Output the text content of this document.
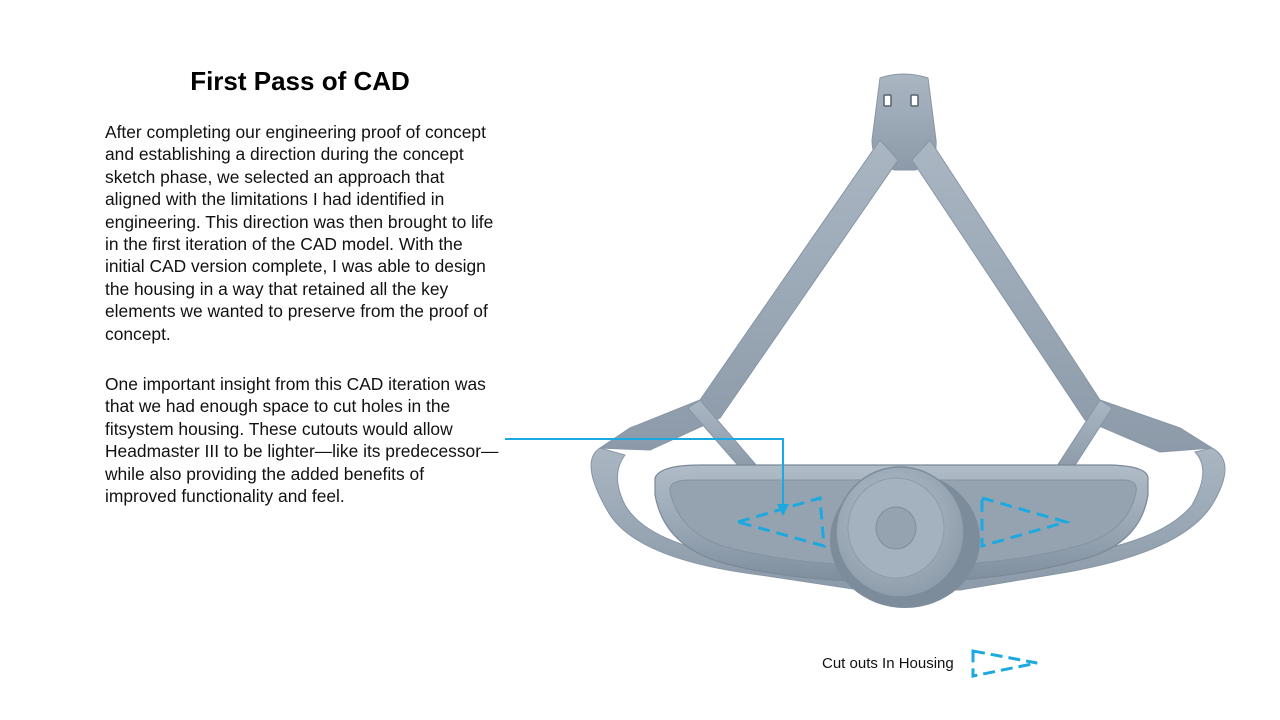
First Pass of CAD

After completing our engineering proof of concept and establishing a direction during the concept sketch phase, we selected an approach that aligned with the limitations I had identified in engineering. This direction was then brought to life in the first iteration of the CAD model. With the initial CAD version complete, I was able to design the housing in a way that retained all the key elements we wanted to preserve from the proof of concept.

One important insight from this CAD iteration was that we had enough space to cut holes in the fitsystem housing. These cutouts would allow Headmaster III to be lighter—like its predecessor—while also providing the added benefits of improved functionality and feel.

Cut outs In Housing
